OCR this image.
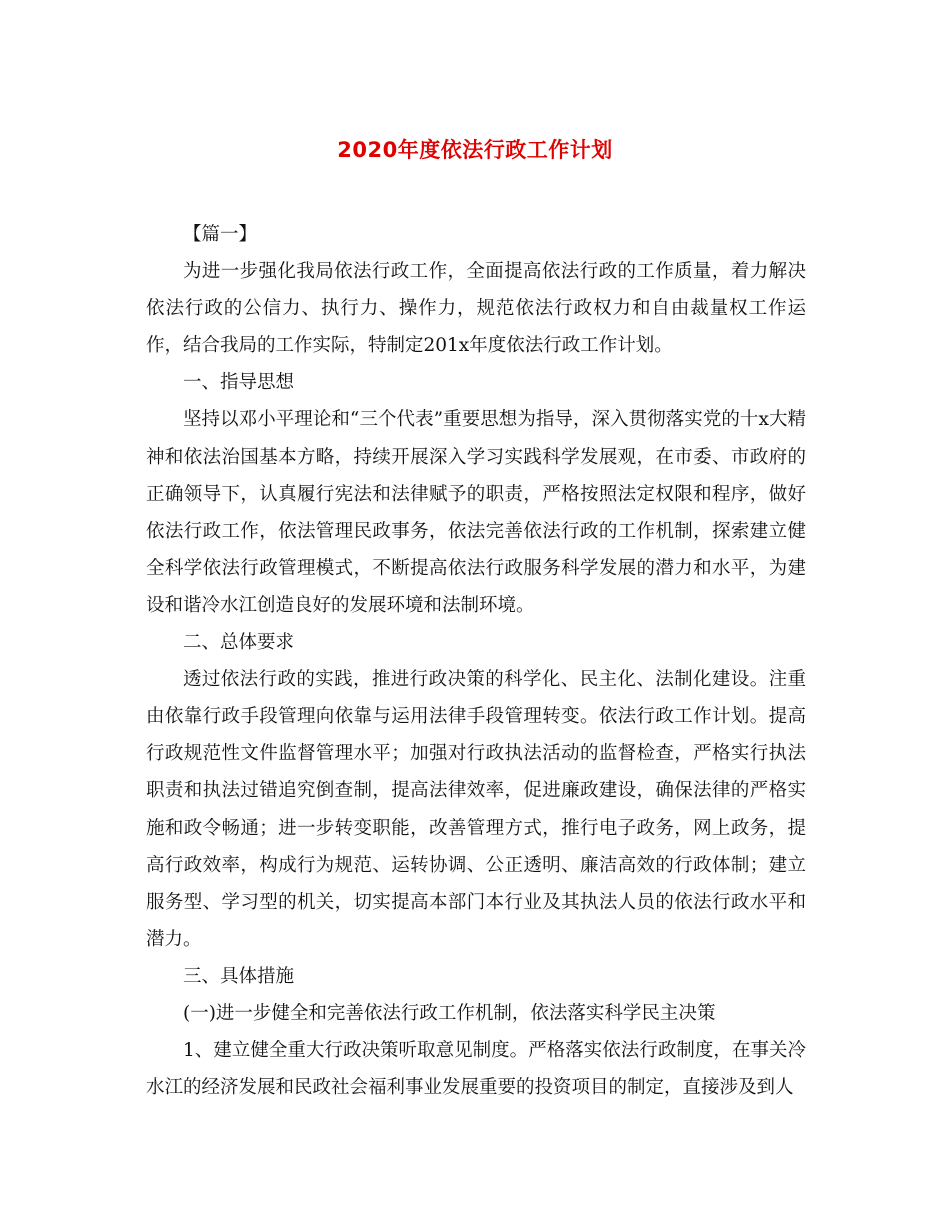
2020年度依法行政工作计划

【篇一】

为进一步强化我局依法行政工作，全面提高依法行政的工作质量，着力解决依法行政的公信力、执行力、操作力，规范依法行政权力和自由裁量权工作运作，结合我局的工作实际，特制定201x年度依法行政工作计划。

一、指导思想

坚持以邓小平理论和“三个代表”重要思想为指导，深入贯彻落实党的十x大精神和依法治国基本方略，持续开展深入学习实践科学发展观，在市委、市政府的正确领导下，认真履行宪法和法律赋予的职责，严格按照法定权限和程序，做好依法行政工作，依法管理民政事务，依法完善依法行政的工作机制，探索建立健全科学依法行政管理模式，不断提高依法行政服务科学发展的潜力和水平，为建设和谐冷水江创造良好的发展环境和法制环境。

二、总体要求

透过依法行政的实践，推进行政决策的科学化、民主化、法制化建设。注重由依靠行政手段管理向依靠与运用法律手段管理转变。依法行政工作计划。提高行政规范性文件监督管理水平；加强对行政执法活动的监督检查，严格实行执法职责和执法过错追究倒查制，提高法律效率，促进廉政建设，确保法律的严格实施和政令畅通；进一步转变职能，改善管理方式，推行电子政务，网上政务，提高行政效率，构成行为规范、运转协调、公正透明、廉洁高效的行政体制；建立服务型、学习型的机关，切实提高本部门本行业及其执法人员的依法行政水平和潜力。

三、具体措施

(一)进一步健全和完善依法行政工作机制，依法落实科学民主决策

1、建立健全重大行政决策听取意见制度。严格落实依法行政制度，在事关冷水江的经济发展和民政社会福利事业发展重要的投资项目的制定，直接涉及到人
